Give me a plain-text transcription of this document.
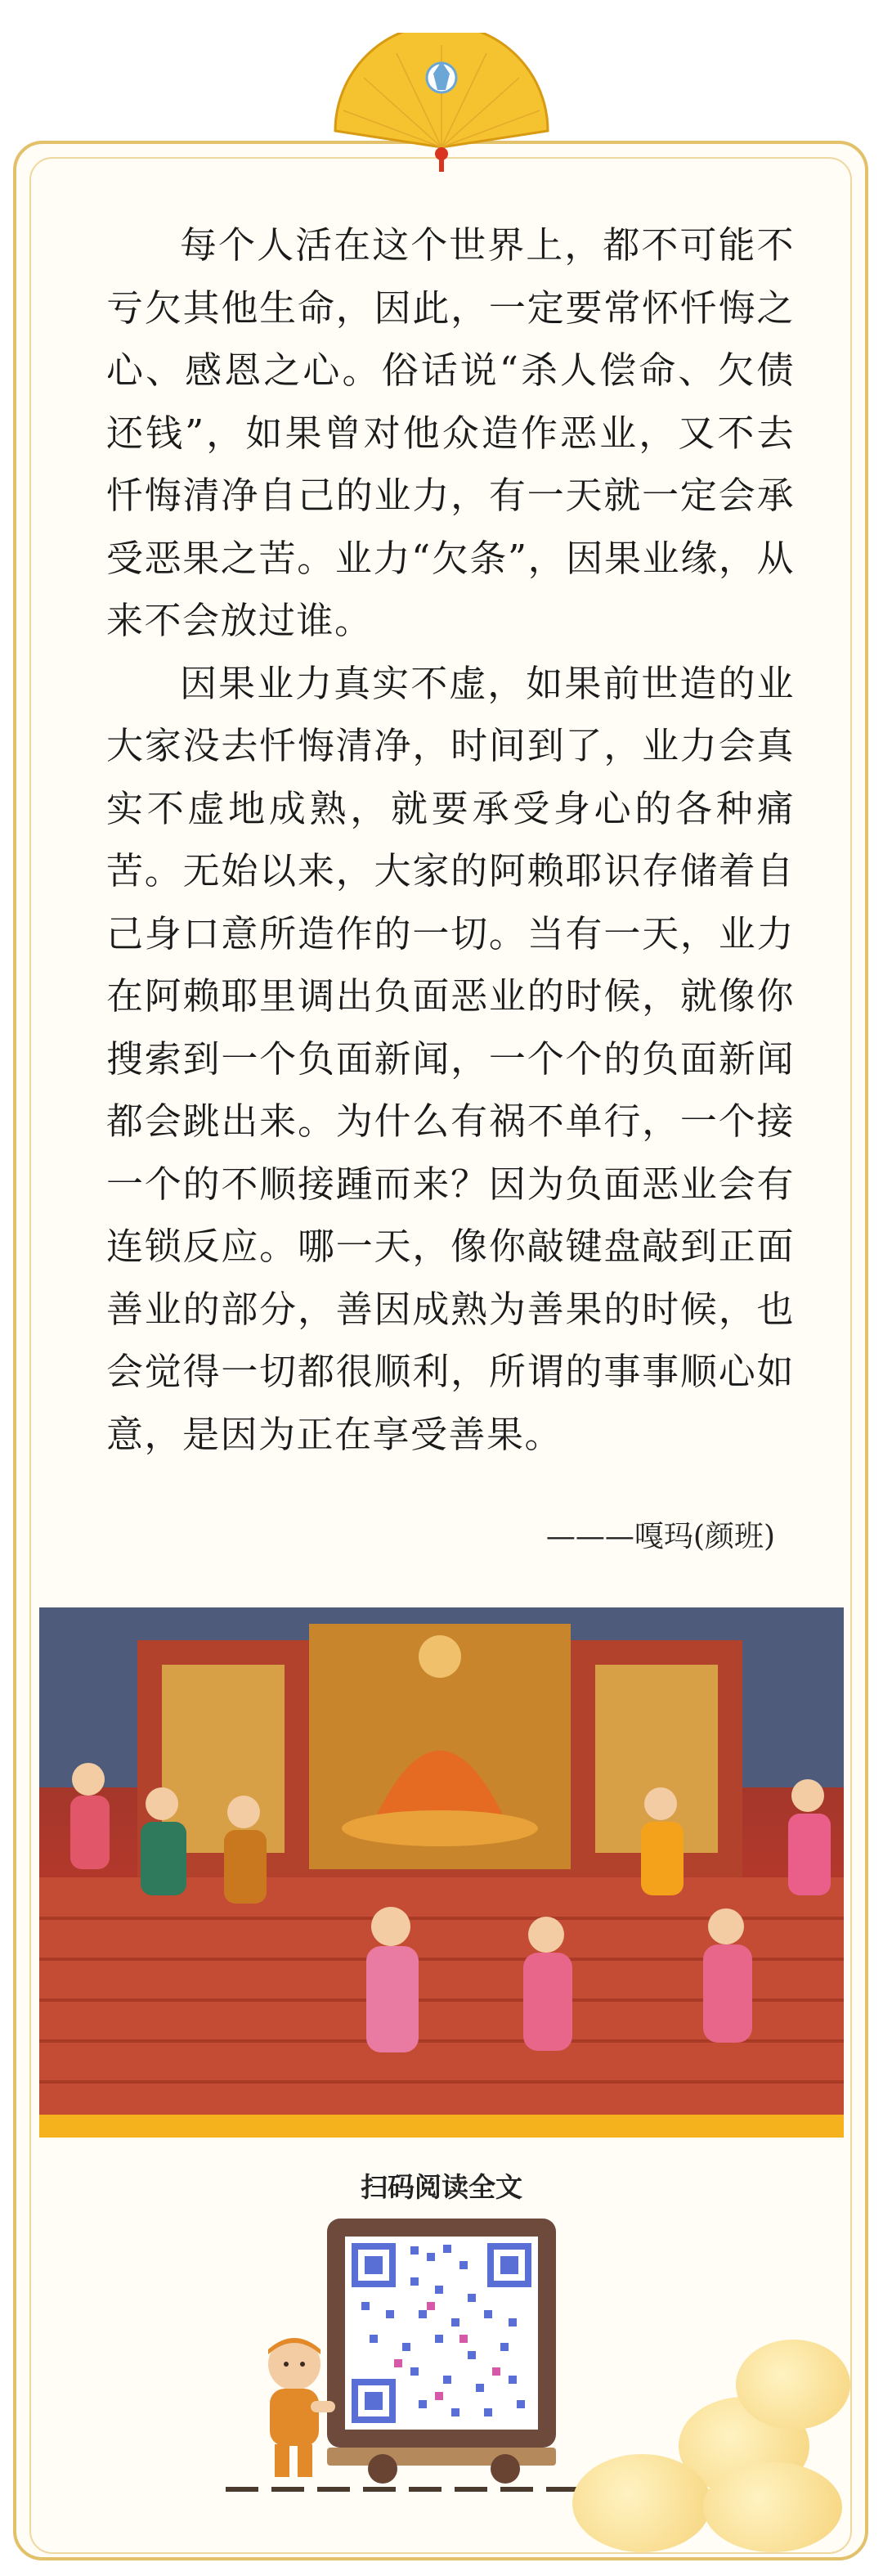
每个人活在这个世界上，都不可能不亏欠其他生命，因此，一定要常怀忏悔之心、感恩之心。俗话说“杀人偿命、欠债还钱”，如果曾对他众造作恶业，又不去忏悔清净自己的业力，有一天就一定会承受恶果之苦。业力“欠条”，因果业缘，从来不会放过谁。

因果业力真实不虚，如果前世造的业大家没去忏悔清净，时间到了，业力会真实不虚地成熟，就要承受身心的各种痛苦。无始以来，大家的阿赖耶识存储着自己身口意所造作的一切。当有一天，业力在阿赖耶里调出负面恶业的时候，就像你搜索到一个负面新闻，一个个的负面新闻都会跳出来。为什么有祸不单行，一个接一个的不顺接踵而来？因为负面恶业会有连锁反应。哪一天，像你敲键盘敲到正面善业的部分，善因成熟为善果的时候，也会觉得一切都很顺利，所谓的事事顺心如意，是因为正在享受善果。

———嘎玛(颜班)
扫码阅读全文
